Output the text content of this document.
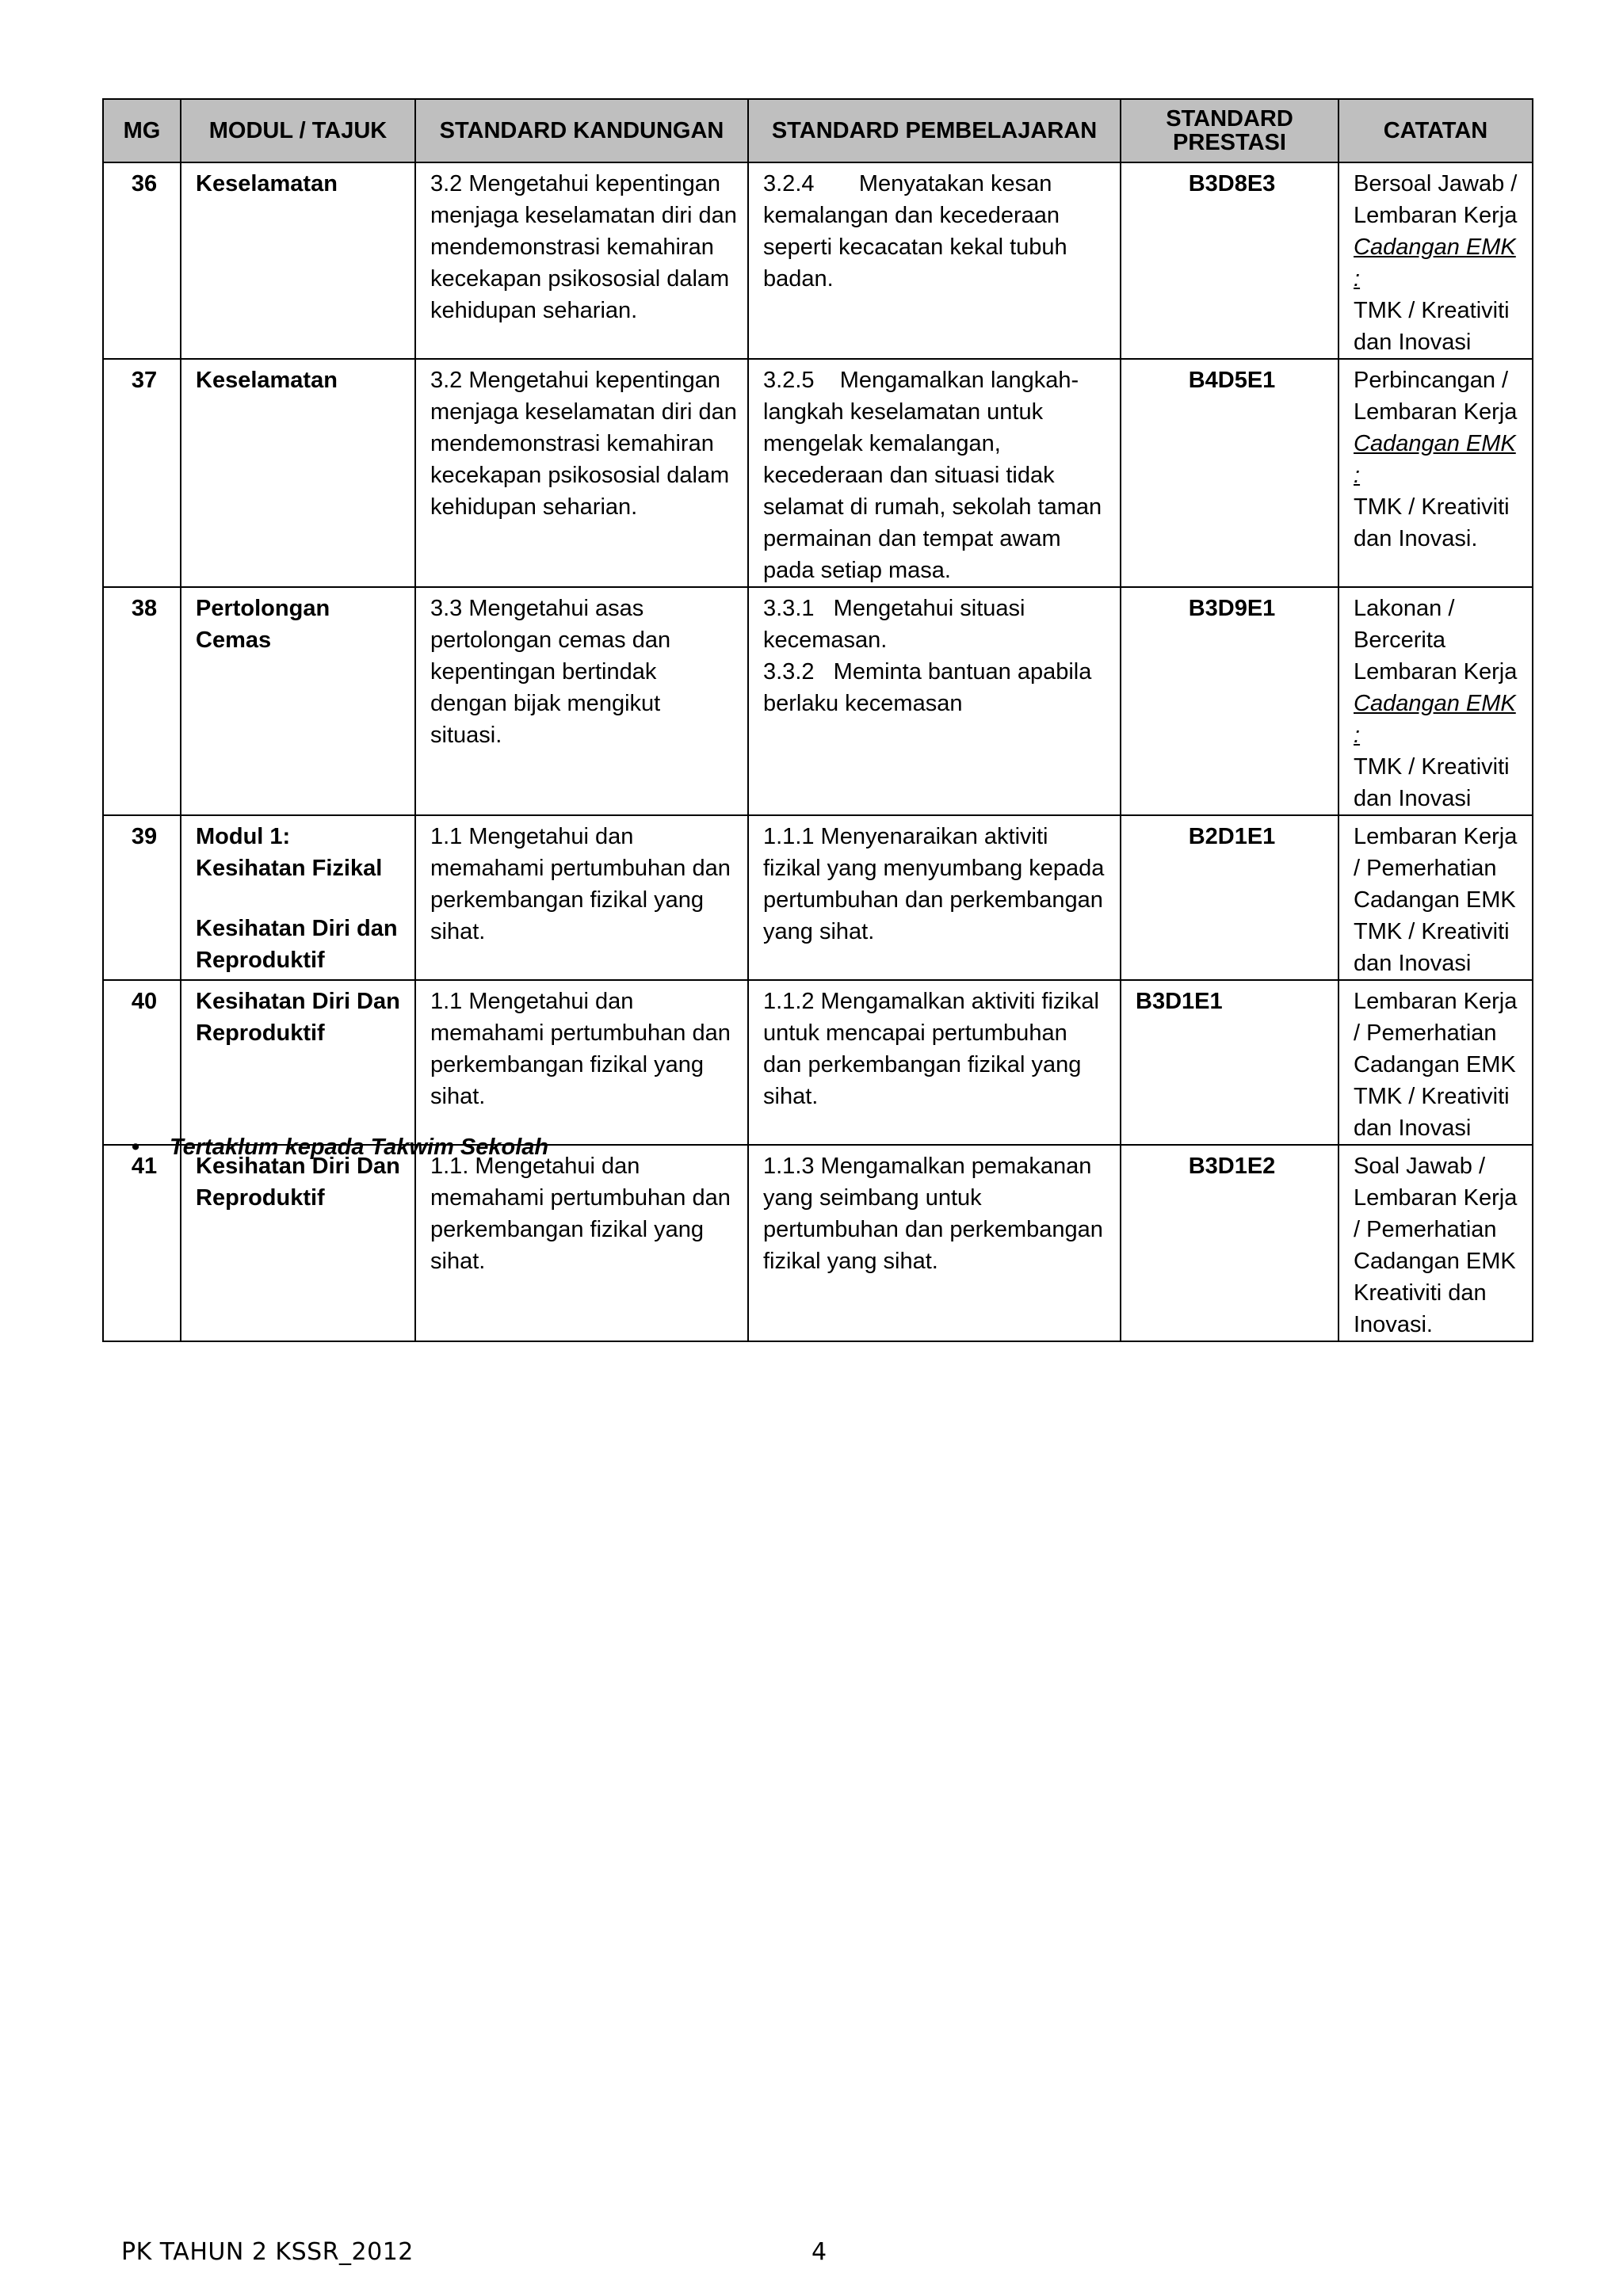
MG	MODUL / TAJUK	STANDARD KANDUNGAN	STANDARD PEMBELAJARAN	STANDARD PRESTASI	CATATAN
36	Keselamatan	3.2 Mengetahui kepentingan menjaga keselamatan diri dan mendemonstrasi kemahiran kecekapan psikososial dalam kehidupan seharian.	3.2.4       Menyatakan kesan kemalangan dan kecederaan seperti kecacatan kekal tubuh badan.	B3D8E3	Bersoal Jawab / Lembaran Kerja
Cadangan EMK :
TMK / Kreativiti dan Inovasi

37	Keselamatan	3.2 Mengetahui kepentingan menjaga keselamatan diri dan mendemonstrasi kemahiran kecekapan psikososial dalam kehidupan seharian.	3.2.5    Mengamalkan langkah-langkah keselamatan untuk mengelak kemalangan, kecederaan dan situasi tidak selamat di rumah, sekolah taman permainan dan tempat awam pada setiap masa.	B4D5E1	Perbincangan / Lembaran Kerja
Cadangan EMK :
TMK / Kreativiti dan Inovasi.

38	Pertolongan Cemas	3.3 Mengetahui asas pertolongan cemas dan kepentingan bertindak dengan bijak mengikut situasi.	3.3.1   Mengetahui situasi kecemasan.
3.3.2   Meminta bantuan apabila berlaku kecemasan	B3D9E1	Lakonan / Bercerita Lembaran Kerja
Cadangan EMK :
TMK / Kreativiti dan Inovasi

39	Modul 1:
Kesihatan Fizikal
Kesihatan Diri dan Reproduktif	1.1 Mengetahui dan memahami pertumbuhan dan perkembangan fizikal yang sihat.	1.1.1 Menyenaraikan aktiviti fizikal yang menyumbang kepada pertumbuhan dan perkembangan yang sihat.	B2D1E1	Lembaran Kerja / Pemerhatian Cadangan EMK TMK / Kreativiti dan Inovasi
40	Kesihatan Diri Dan Reproduktif	1.1 Mengetahui dan memahami pertumbuhan dan perkembangan fizikal yang sihat.	1.1.2 Mengamalkan aktiviti fizikal untuk mencapai pertumbuhan dan perkembangan fizikal yang sihat.	B3D1E1	Lembaran Kerja / Pemerhatian Cadangan EMK TMK / Kreativiti dan Inovasi
41	Kesihatan Diri Dan Reproduktif	1.1. Mengetahui dan memahami pertumbuhan dan perkembangan fizikal yang sihat.	1.1.3 Mengamalkan pemakanan yang seimbang untuk pertumbuhan dan perkembangan fizikal yang sihat.	B3D1E2	Soal Jawab / Lembaran Kerja / Pemerhatian Cadangan EMK Kreativiti dan Inovasi.
• Tertaklum kepada Takwim Sekolah
PK TAHUN 2 KSSR_2012	4
